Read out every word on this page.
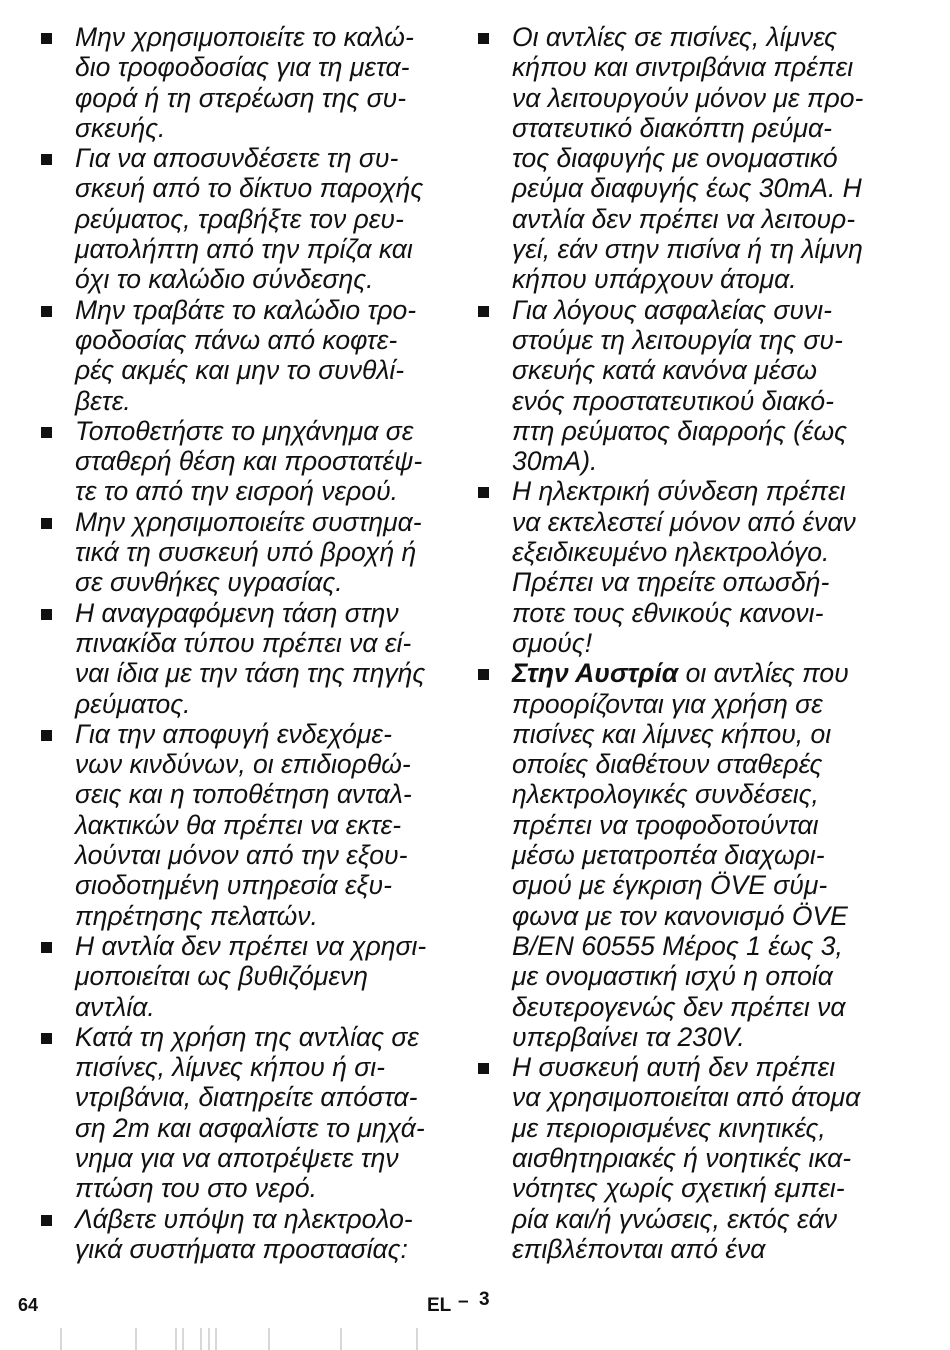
Μην χρησιμοποιείτε το καλώ-
διο τροφοδοσίας για τη μετα-
φορά ή τη στερέωση της συ-
σκευής.
Για να αποσυνδέσετε τη συ-
σκευή από το δίκτυο παροχής
ρεύματος, τραβήξτε τον ρευ-
ματολήπτη από την πρίζα και
όχι το καλώδιο σύνδεσης.
Μην τραβάτε το καλώδιο τρο-
φοδοσίας πάνω από κοφτε-
ρές ακμές και μην το συνθλί-
βετε.
Τοποθετήστε το μηχάνημα σε
σταθερή θέση και προστατέψ-
τε το από την εισροή νερού.
Μην χρησιμοποιείτε συστημα-
τικά τη συσκευή υπό βροχή ή
σε συνθήκες υγρασίας.
Η αναγραφόμενη τάση στην
πινακίδα τύπου πρέπει να εί-
ναι ίδια με την τάση της πηγής
ρεύματος.
Για την αποφυγή ενδεχόμε-
νων κινδύνων, οι επιδιορθώ-
σεις και η τοποθέτηση ανταλ-
λακτικών θα πρέπει να εκτε-
λούνται μόνον από την εξου-
σιοδοτημένη υπηρεσία εξυ-
πηρέτησης πελατών.
Η αντλία δεν πρέπει να χρησι-
μοποιείται ως βυθιζόμενη
αντλία.
Κατά τη χρήση της αντλίας σε
πισίνες, λίμνες κήπου ή σι-
ντριβάνια, διατηρείτε απόστα-
ση 2m και ασφαλίστε το μηχά-
νημα για να αποτρέψετε την
πτώση του στο νερό.
Λάβετε υπόψη τα ηλεκτρολο-
γικά συστήματα προστασίας:
Οι αντλίες σε πισίνες, λίμνες
κήπου και σιντριβάνια πρέπει
να λειτουργούν μόνον με προ-
στατευτικό διακόπτη ρεύμα-
τος διαφυγής με ονομαστικό
ρεύμα διαφυγής έως 30mA. Η
αντλία δεν πρέπει να λειτουρ-
γεί, εάν στην πισίνα ή τη λίμνη
κήπου υπάρχουν άτομα.
Για λόγους ασφαλείας συνι-
στούμε τη λειτουργία της συ-
σκευής κατά κανόνα μέσω
ενός προστατευτικού διακό-
πτη ρεύματος διαρροής (έως
30mA).
Η ηλεκτρική σύνδεση πρέπει
να εκτελεστεί μόνον από έναν
εξειδικευμένο ηλεκτρολόγο.
Πρέπει να τηρείτε οπωσδή-
ποτε τους εθνικούς κανονι-
σμούς!
Στην Αυστρία οι αντλίες που
προορίζονται για χρήση σε
πισίνες και λίμνες κήπου, οι
οποίες διαθέτουν σταθερές
ηλεκτρολογικές συνδέσεις,
πρέπει να τροφοδοτούνται
μέσω μετατροπέα διαχωρι-
σμού με έγκριση ÖVE σύμ-
φωνα με τον κανονισμό ÖVE
B/EN 60555 Μέρος 1 έως 3,
με ονομαστική ισχύ η οποία
δευτερογενώς δεν πρέπει να
υπερβαίνει τα 230V.
Η συσκευή αυτή δεν πρέπει
να χρησιμοποιείται από άτομα
με περιορισμένες κινητικές,
αισθητηριακές ή νοητικές ικα-
νότητες χωρίς σχετική εμπει-
ρία και/ή γνώσεις, εκτός εάν
επιβλέπονται από ένα
64	EL – 3
